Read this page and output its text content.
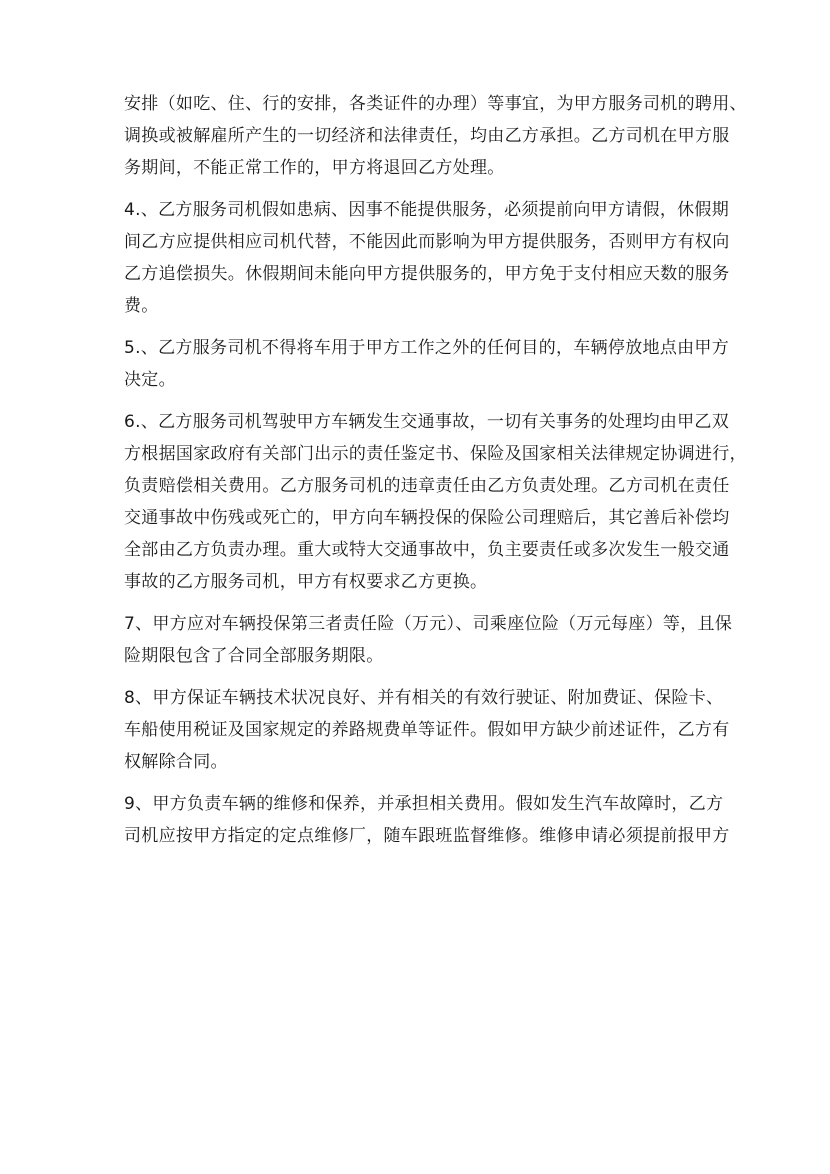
安排（如吃、住、行的安排，各类证件的办理）等事宜，为甲方服务司机的聘用、
调换或被解雇所产生的一切经济和法律责任，均由乙方承担。乙方司机在甲方服
务期间，不能正常工作的，甲方将退回乙方处理。
4.、乙方服务司机假如患病、因事不能提供服务，必须提前向甲方请假，休假期
间乙方应提供相应司机代替，不能因此而影响为甲方提供服务，否则甲方有权向
乙方追偿损失。休假期间未能向甲方提供服务的，甲方免于支付相应天数的服务
费。
5.、乙方服务司机不得将车用于甲方工作之外的任何目的，车辆停放地点由甲方
决定。
6.、乙方服务司机驾驶甲方车辆发生交通事故，一切有关事务的处理均由甲乙双
方根据国家政府有关部门出示的责任鉴定书、保险及国家相关法律规定协调进行，
负责赔偿相关费用。乙方服务司机的违章责任由乙方负责处理。乙方司机在责任
交通事故中伤残或死亡的，甲方向车辆投保的保险公司理赔后，其它善后补偿均
全部由乙方负责办理。重大或特大交通事故中，负主要责任或多次发生一般交通
事故的乙方服务司机，甲方有权要求乙方更换。
7、甲方应对车辆投保第三者责任险（万元）、司乘座位险（万元每座）等，且保
险期限包含了合同全部服务期限。
8、甲方保证车辆技术状况良好、并有相关的有效行驶证、附加费证、保险卡、
车船使用税证及国家规定的养路规费单等证件。假如甲方缺少前述证件，乙方有
权解除合同。
9、甲方负责车辆的维修和保养，并承担相关费用。假如发生汽车故障时，乙方
司机应按甲方指定的定点维修厂，随车跟班监督维修。维修申请必须提前报甲方
